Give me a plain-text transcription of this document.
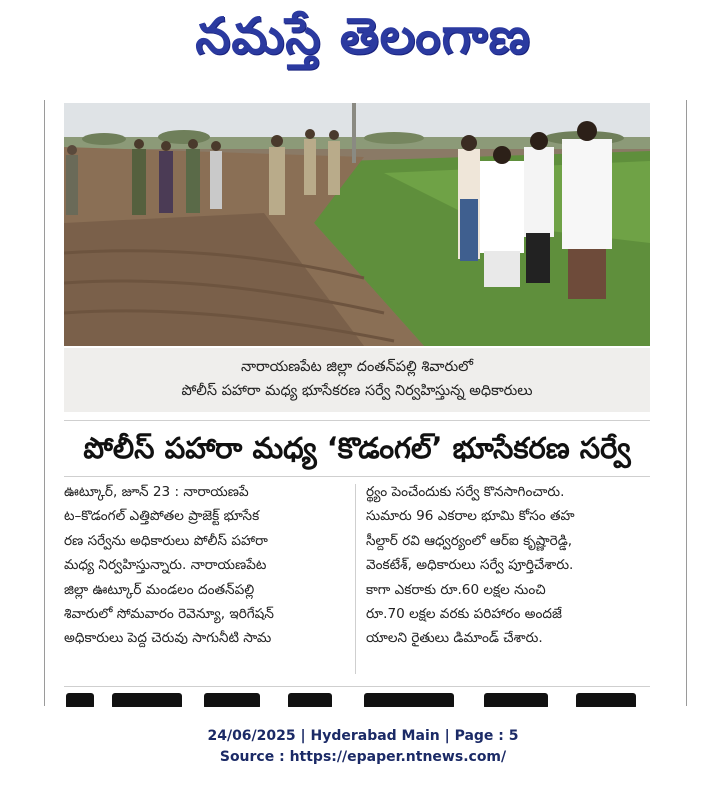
నమస్తే తెలంగాణ
నారాయణపేట జిల్లా దంతన్‌పల్లి శివారులో
పోలీస్ పహారా మధ్య భూసేకరణ సర్వే నిర్వహిస్తున్న అధికారులు
పోలీస్ పహారా మధ్య ‘కొడంగల్’ భూసేకరణ సర్వే
ఊట్కూర్, జూన్ 23 : నారాయణపే
ట–కొడంగల్ ఎత్తిపోతల ప్రాజెక్ట్ భూసేక
రణ సర్వేను అధికారులు పోలీస్ పహారా
మధ్య నిర్వహిస్తున్నారు. నారాయణపేట
జిల్లా ఊట్కూర్ మండలం దంతన్‌పల్లి
శివారులో సోమవారం రెవెన్యూ, ఇరిగేషన్
అధికారులు పెద్ద చెరువు సాగునీటి సామ
ర్థ్యం పెంచేందుకు సర్వే కొనసాగించారు.
సుమారు 96 ఎకరాల భూమి కోసం తహ
సీల్దార్ రవి ఆధ్వర్యంలో ఆర్ఐ కృష్ణారెడ్డి,
వెంకటేశ్, అధికారులు సర్వే పూర్తిచేశారు.
కాగా ఎకరాకు రూ.60 లక్షల నుంచి
రూ.70 లక్షల వరకు పరిహారం అందజే
యాలని రైతులు డిమాండ్ చేశారు.
24/06/2025 | Hyderabad Main | Page : 5
Source : https://epaper.ntnews.com/
